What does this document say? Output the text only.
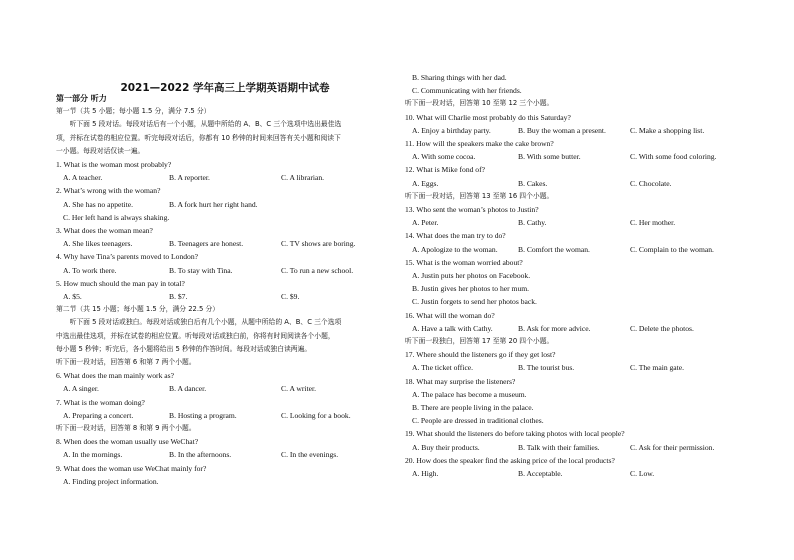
2021—2022 学年高三上学期英语期中试卷
第一部分 听力
第一节（共 5 小题；每小题 1.5 分，满分 7.5 分）
听下面 5 段对话。每段对话后有一个小题，从题中所给的 A、B、C 三个选项中选出最佳选
项，并标在试卷的相应位置。听完每段对话后，你都有 10 秒钟的时间来回答有关小题和阅读下
一小题。每段对话仅读一遍。
1. What is the woman most probably?
A. A teacher.	B. A reporter.	C. A librarian.
2. What’s wrong with the woman?
A. She has no appetite.	B. A fork hurt her right hand.
C. Her left hand is always shaking.
3. What does the woman mean?
A. She likes teenagers.	B. Teenagers are honest.	C. TV shows are boring.
4. Why have Tina’s parents moved to London?
A. To work there.	B. To stay with Tina.	C. To run a new school.
5. How much should the man pay in total?
A. $5.	B. $7.	C. $9.
第二节（共 15 小题；每小题 1.5 分，满分 22.5 分）
听下面 5 段对话或独白。每段对话或独白后有几个小题，从题中所给的 A、B、C 三个选项
中选出最佳选项，并标在试卷的相应位置。听每段对话或独白前，你将有时间阅读各个小题，
每小题 5 秒钟；听完后，各小题将给出 5 秒钟的作答时间。每段对话或独白读两遍。
听下面一段对话，回答第 6 和第 7 两个小题。
6. What does the man mainly work as?
A. A singer.	B. A dancer.	C. A writer.
7. What is the woman doing?
A. Preparing a concert.	B. Hosting a program.	C. Looking for a book.
听下面一段对话，回答第 8 和第 9 两个小题。
8. When does the woman usually use WeChat?
A. In the mornings.	B. In the afternoons.	C. In the evenings.
9. What does the woman use WeChat mainly for?
A. Finding project information.
B. Sharing things with her dad.
C. Communicating with her friends.
听下面一段对话，回答第 10 至第 12 三个小题。
10. What will Charlie most probably do this Saturday?
A. Enjoy a birthday party.	B. Buy the woman a present.	C. Make a shopping list.
11. How will the speakers make the cake brown?
A. With some cocoa.	B. With some butter.	C. With some food coloring.
12. What is Mike fond of?
A. Eggs.	B. Cakes.	C. Chocolate.
听下面一段对话，回答第 13 至第 16 四个小题。
13. Who sent the woman’s photos to Justin?
A. Peter.	B. Cathy.	C. Her mother.
14. What does the man try to do?
A. Apologize to the woman.	B. Comfort the woman.	C. Complain to the woman.
15. What is the woman worried about?
A. Justin puts her photos on Facebook.
B. Justin gives her photos to her mum.
C. Justin forgets to send her photos back.
16. What will the woman do?
A. Have a talk with Cathy.	B. Ask for more advice.	C. Delete the photos.
听下面一段独白，回答第 17 至第 20 四个小题。
17. Where should the listeners go if they get lost?
A. The ticket office.	B. The tourist bus.	C. The main gate.
18. What may surprise the listeners?
A. The palace has become a museum.
B. There are people living in the palace.
C. People are dressed in traditional clothes.
19. What should the listeners do before taking photos with local people?
A. Buy their products.	B. Talk with their families.	C. Ask for their permission.
20. How does the speaker find the asking price of the local products?
A. High.	B. Acceptable.	C. Low.
